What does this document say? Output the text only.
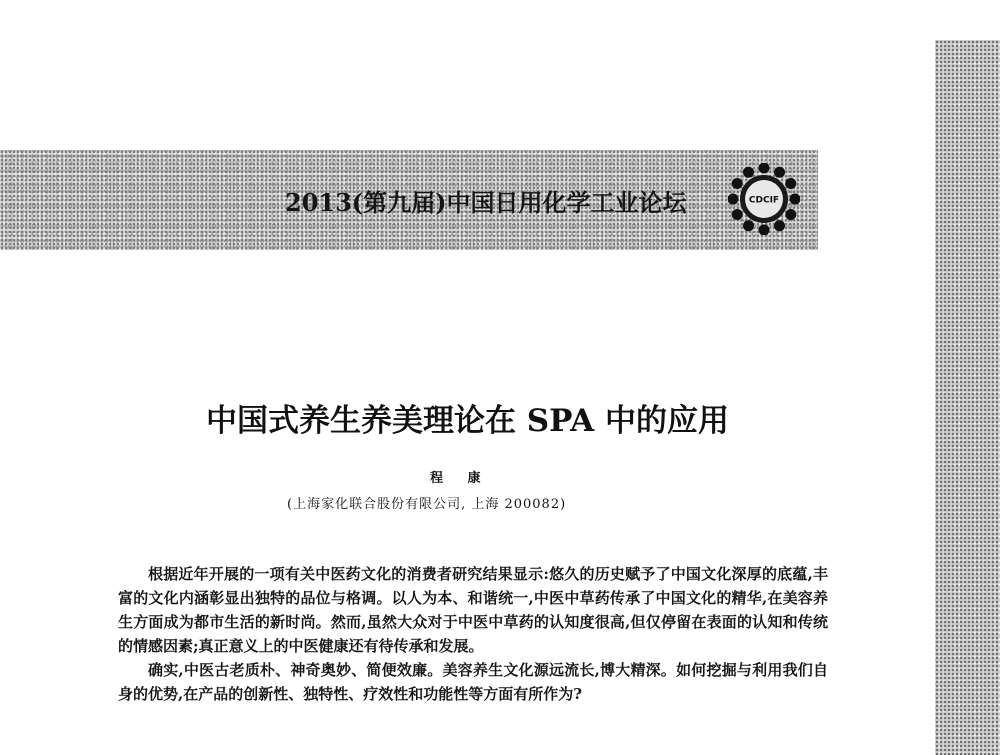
2013(第九届)中国日用化学工业论坛	CDCIF
中国式养生养美理论在 SPA 中的应用
程 康
(上海家化联合股份有限公司, 上海 200082)

根据近年开展的一项有关中医药文化的消费者研究结果显示:悠久的历史赋予了中国文化深厚的底蕴,丰富的文化内涵彰显出独特的品位与格调。以人为本、和谐统一,中医中草药传承了中国文化的精华,在美容养生方面成为都市生活的新时尚。然而,虽然大众对于中医中草药的认知度很高,但仅停留在表面的认知和传统的情感因素;真正意义上的中医健康还有待传承和发展。

确实,中医古老质朴、神奇奥妙、简便效廉。美容养生文化源远流长,博大精深。如何挖掘与利用我们自身的优势,在产品的创新性、独特性、疗效性和功能性等方面有所作为?
